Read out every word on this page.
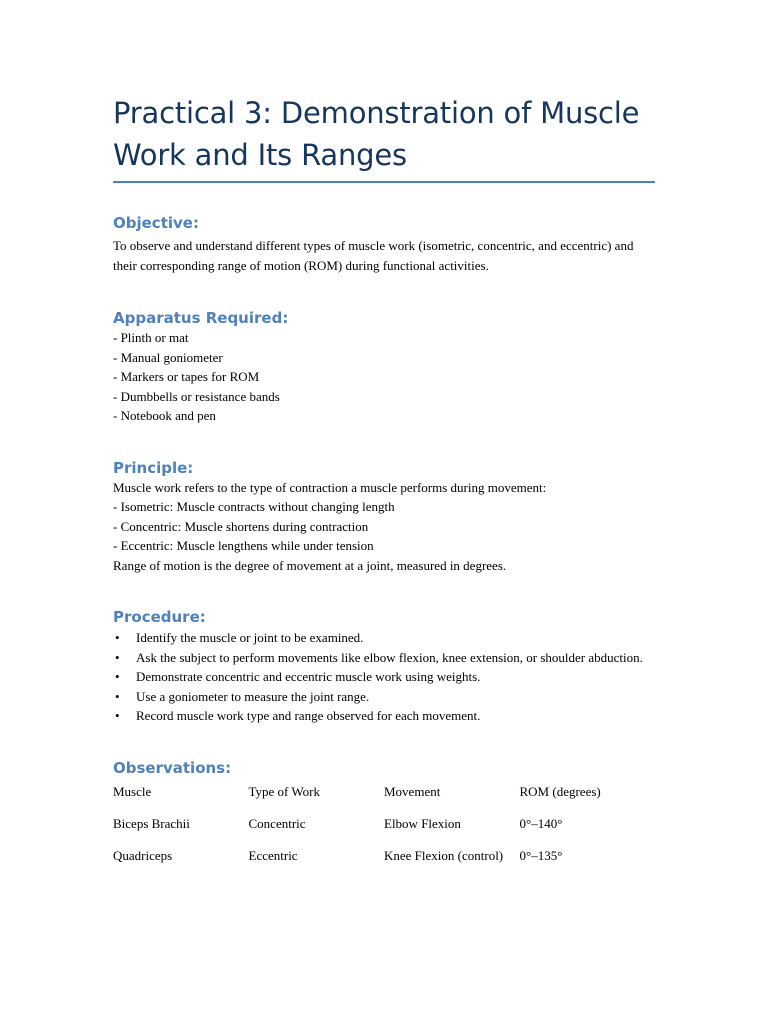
Practical 3: Demonstration of Muscle Work and Its Ranges
Objective:

To observe and understand different types of muscle work (isometric, concentric, and eccentric) and their corresponding range of motion (ROM) during functional activities.

Apparatus Required:
- Plinth or mat
- Manual goniometer
- Markers or tapes for ROM
- Dumbbells or resistance bands
- Notebook and pen
Principle:
Muscle work refers to the type of contraction a muscle performs during movement:
- Isometric: Muscle contracts without changing length
- Concentric: Muscle shortens during contraction
- Eccentric: Muscle lengthens while under tension
Range of motion is the degree of movement at a joint, measured in degrees.
Procedure:
• Identify the muscle or joint to be examined.
• Ask the subject to perform movements like elbow flexion, knee extension, or shoulder abduction.
• Demonstrate concentric and eccentric muscle work using weights.
• Use a goniometer to measure the joint range.
• Record muscle work type and range observed for each movement.
Observations:
Muscle	Type of Work	Movement	ROM (degrees)
Biceps Brachii	Concentric	Elbow Flexion	0°–140°
Quadriceps	Eccentric	Knee Flexion (control)	0°–135°
